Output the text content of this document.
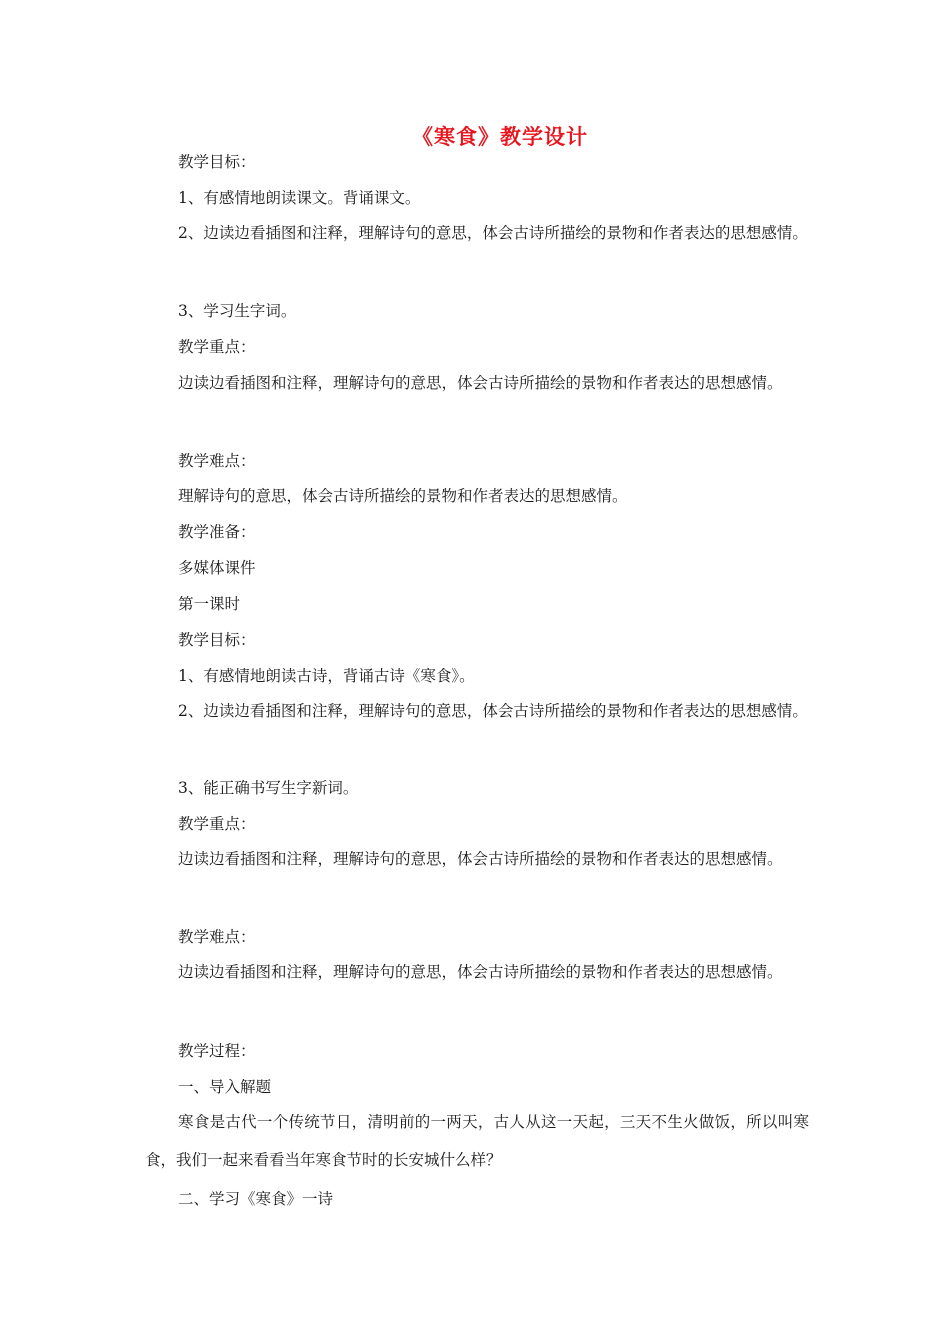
《寒食》教学设计
教学目标：
1、有感情地朗读课文。背诵课文。
2、边读边看插图和注释，理解诗句的意思，体会古诗所描绘的景物和作者表达的思想感情。
3、学习生字词。
教学重点：
边读边看插图和注释，理解诗句的意思，体会古诗所描绘的景物和作者表达的思想感情。
教学难点：
理解诗句的意思，体会古诗所描绘的景物和作者表达的思想感情。
教学准备：
多媒体课件
第一课时
教学目标：
1、有感情地朗读古诗，背诵古诗《寒食》。
2、边读边看插图和注释，理解诗句的意思，体会古诗所描绘的景物和作者表达的思想感情。
3、能正确书写生字新词。
教学重点：
边读边看插图和注释，理解诗句的意思，体会古诗所描绘的景物和作者表达的思想感情。
教学难点：
边读边看插图和注释，理解诗句的意思，体会古诗所描绘的景物和作者表达的思想感情。
教学过程：
一、导入解题
寒食是古代一个传统节日，清明前的一两天，古人从这一天起，三天不生火做饭，所以叫寒食，我们一起来看看当年寒食节时的长安城什么样？
二、学习《寒食》一诗
